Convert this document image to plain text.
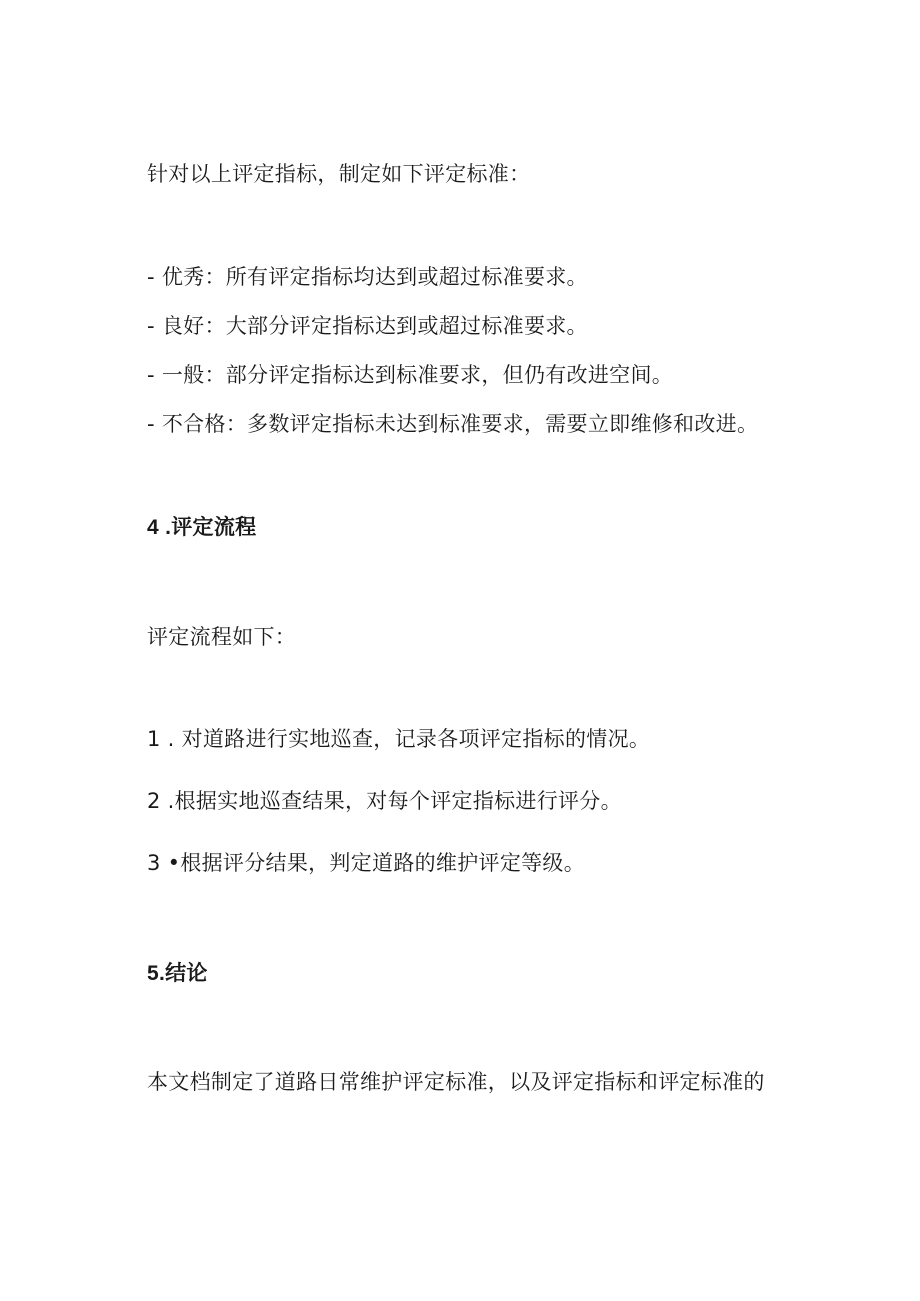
针对以上评定指标，制定如下评定标准：
- 优秀：所有评定指标均达到或超过标准要求。
- 良好：大部分评定指标达到或超过标准要求。
- 一般：部分评定指标达到标准要求，但仍有改进空间。
- 不合格：多数评定指标未达到标准要求，需要立即维修和改进。
4 .评定流程
评定流程如下：
1 . 对道路进行实地巡查，记录各项评定指标的情况。
2 .根据实地巡查结果，对每个评定指标进行评分。
3 •根据评分结果，判定道路的维护评定等级。
5.结论
本文档制定了道路日常维护评定标准，以及评定指标和评定标准的
